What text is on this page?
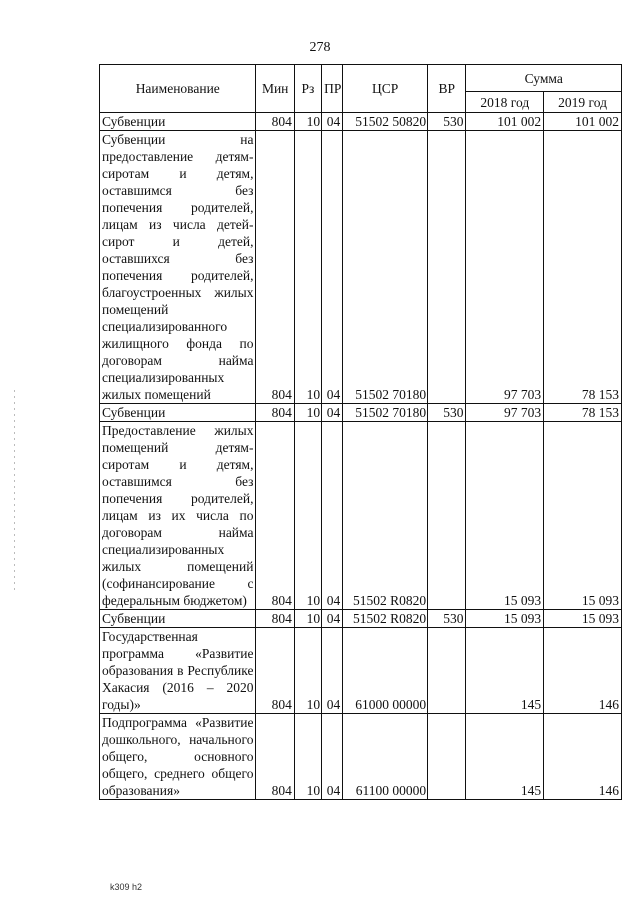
278
Наименование	Мин	Рз	ПР	ЦСР	ВР	Сумма	
						2018 год	2019 год
Субвенции	804	10	04	51502 50820	530	101 002	101 002
Субвенции на предоставление детям-сиротам и детям, оставшимся без попечения родителей, лицам из числа детей-сирот и детей, оставшихся без попечения родителей, благоустроенных жилых помещений специализированного жилищного фонда по договорам найма специализированных жилых помещений	804	10	04	51502 70180		97 703	78 153
Субвенции	804	10	04	51502 70180	530	97 703	78 153
Предоставление жилых помещений детям-сиротам и детям, оставшимся без попечения родителей, лицам из их числа по договорам найма специализированных жилых помещений (софинансирование с федеральным бюджетом)	804	10	04	51502 R0820		15 093	15 093
Субвенции	804	10	04	51502 R0820	530	15 093	15 093
Государственная программа «Развитие образования в Республике Хакасия (2016 – 2020 годы)»	804	10	04	61000 00000		145	146
Подпрограмма «Развитие дошкольного, начального общего, основного общего, среднего общего образования»	804	10	04	61100 00000		145	146
k309 h2
